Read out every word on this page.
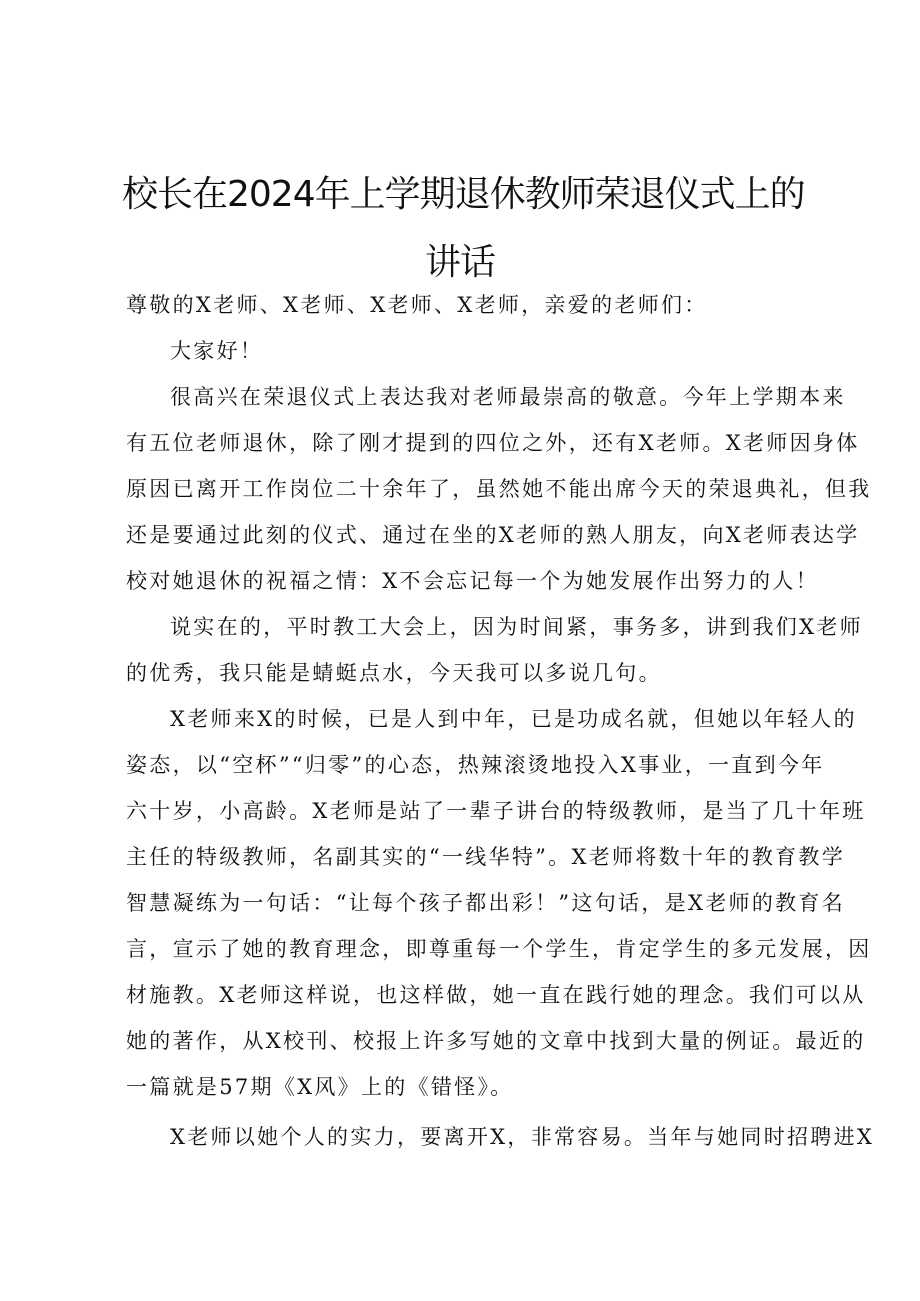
校长在2024年上学期退休教师荣退仪式上的
讲话
尊敬的X老师、X老师、X老师、X老师，亲爱的老师们：
大家好！
很高兴在荣退仪式上表达我对老师最崇高的敬意。今年上学期本来
有五位老师退休，除了刚才提到的四位之外，还有X老师。X老师因身体
原因已离开工作岗位二十余年了，虽然她不能出席今天的荣退典礼，但我
还是要通过此刻的仪式、通过在坐的X老师的熟人朋友，向X老师表达学
校对她退休的祝福之情：X不会忘记每一个为她发展作出努力的人！
说实在的，平时教工大会上，因为时间紧，事务多，讲到我们X老师
的优秀，我只能是蜻蜓点水，今天我可以多说几句。
X老师来X的时候，已是人到中年，已是功成名就，但她以年轻人的
姿态，以“空杯”“归零”的心态，热辣滚烫地投入X事业，一直到今年
六十岁，小高龄。X老师是站了一辈子讲台的特级教师，是当了几十年班
主任的特级教师，名副其实的“一线华特”。X老师将数十年的教育教学
智慧凝练为一句话：“让每个孩子都出彩！”这句话，是X老师的教育名
言，宣示了她的教育理念，即尊重每一个学生，肯定学生的多元发展，因
材施教。X老师这样说，也这样做，她一直在践行她的理念。我们可以从
她的著作，从X校刊、校报上许多写她的文章中找到大量的例证。最近的
一篇就是57期《X风》上的《错怪》。
X老师以她个人的实力，要离开X，非常容易。当年与她同时招聘进X
